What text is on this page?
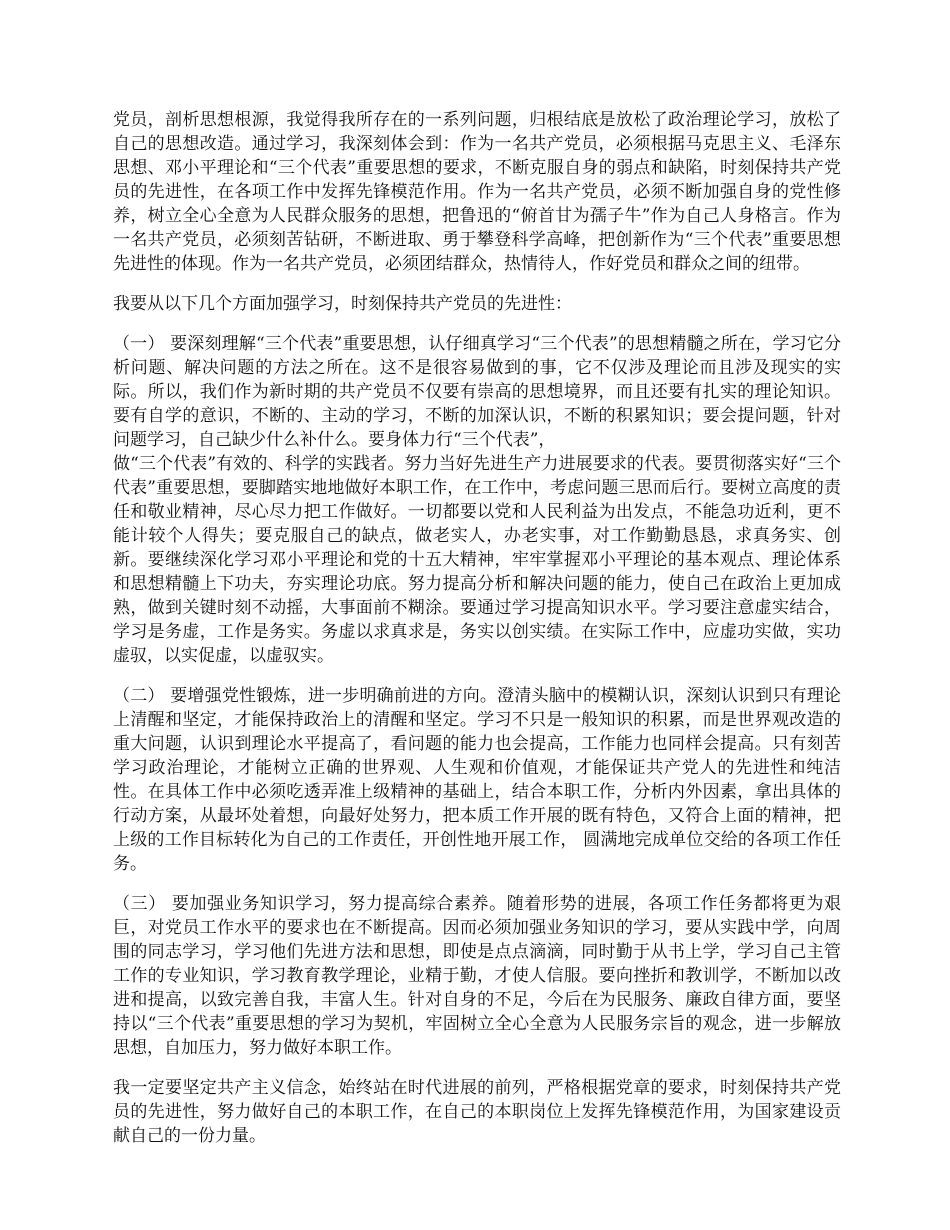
党员，剖析思想根源，我觉得我所存在的一系列问题，归根结底是放松了政治理论学习，放松了自己的思想改造。通过学习，我深刻体会到：作为一名共产党员，必须根据马克思主义、毛泽东思想、邓小平理论和“三个代表”重要思想的要求，不断克服自身的弱点和缺陷，时刻保持共产党员的先进性，在各项工作中发挥先锋模范作用。作为一名共产党员，必须不断加强自身的党性修养，树立全心全意为人民群众服务的思想，把鲁迅的“俯首甘为孺子牛”作为自己人身格言。作为一名共产党员，必须刻苦钻研，不断进取、勇于攀登科学高峰，把创新作为“三个代表”重要思想先进性的体现。作为一名共产党员，必须团结群众，热情待人，作好党员和群众之间的纽带。

我要从以下几个方面加强学习，时刻保持共产党员的先进性：

（一） 要深刻理解“三个代表”重要思想，认仔细真学习“三个代表”的思想精髓之所在，学习它分析问题、解决问题的方法之所在。这不是很容易做到的事，它不仅涉及理论而且涉及现实的实际。所以，我们作为新时期的共产党员不仅要有崇高的思想境界，而且还要有扎实的理论知识。要有自学的意识，不断的、主动的学习，不断的加深认识，不断的积累知识；要会提问题，针对问题学习，自己缺少什么补什么。要身体力行“三个代表”，
做“三个代表”有效的、科学的实践者。努力当好先进生产力进展要求的代表。要贯彻落实好“三个代表”重要思想，要脚踏实地地做好本职工作，在工作中，考虑问题三思而后行。要树立高度的责任和敬业精神，尽心尽力把工作做好。一切都要以党和人民利益为出发点，不能急功近利，更不能计较个人得失；要克服自己的缺点，做老实人，办老实事，对工作勤勤恳恳，求真务实、创新。要继续深化学习邓小平理论和党的十五大精神，牢牢掌握邓小平理论的基本观点、理论体系和思想精髓上下功夫，夯实理论功底。努力提高分析和解决问题的能力，使自己在政治上更加成熟，做到关键时刻不动摇，大事面前不糊涂。要通过学习提高知识水平。学习要注意虚实结合，学习是务虚，工作是务实。务虚以求真求是，务实以创实绩。在实际工作中，应虚功实做，实功虚驭，以实促虚，以虚驭实。

（二） 要增强党性锻炼，进一步明确前进的方向。澄清头脑中的模糊认识，深刻认识到只有理论上清醒和坚定，才能保持政治上的清醒和坚定。学习不只是一般知识的积累，而是世界观改造的重大问题，认识到理论水平提高了，看问题的能力也会提高，工作能力也同样会提高。只有刻苦学习政治理论，才能树立正确的世界观、人生观和价值观，才能保证共产党人的先进性和纯洁性。在具体工作中必须吃透弄准上级精神的基础上，结合本职工作，分析内外因素，拿出具体的行动方案，从最坏处着想，向最好处努力，把本质工作开展的既有特色，又符合上面的精神，把上级的工作目标转化为自己的工作责任，开创性地开展工作， 圆满地完成单位交给的各项工作任务。

（三） 要加强业务知识学习，努力提高综合素养。随着形势的进展，各项工作任务都将更为艰巨，对党员工作水平的要求也在不断提高。因而必须加强业务知识的学习，要从实践中学，向周围的同志学习，学习他们先进方法和思想，即使是点点滴滴，同时勤于从书上学，学习自己主管工作的专业知识，学习教育教学理论，业精于勤，才使人信服。要向挫折和教训学，不断加以改进和提高，以致完善自我，丰富人生。针对自身的不足，今后在为民服务、廉政自律方面，要坚持以“三个代表”重要思想的学习为契机，牢固树立全心全意为人民服务宗旨的观念，进一步解放思想，自加压力，努力做好本职工作。

我一定要坚定共产主义信念，始终站在时代进展的前列，严格根据党章的要求，时刻保持共产党员的先进性，努力做好自己的本职工作，在自己的本职岗位上发挥先锋模范作用，为国家建设贡献自己的一份力量。
